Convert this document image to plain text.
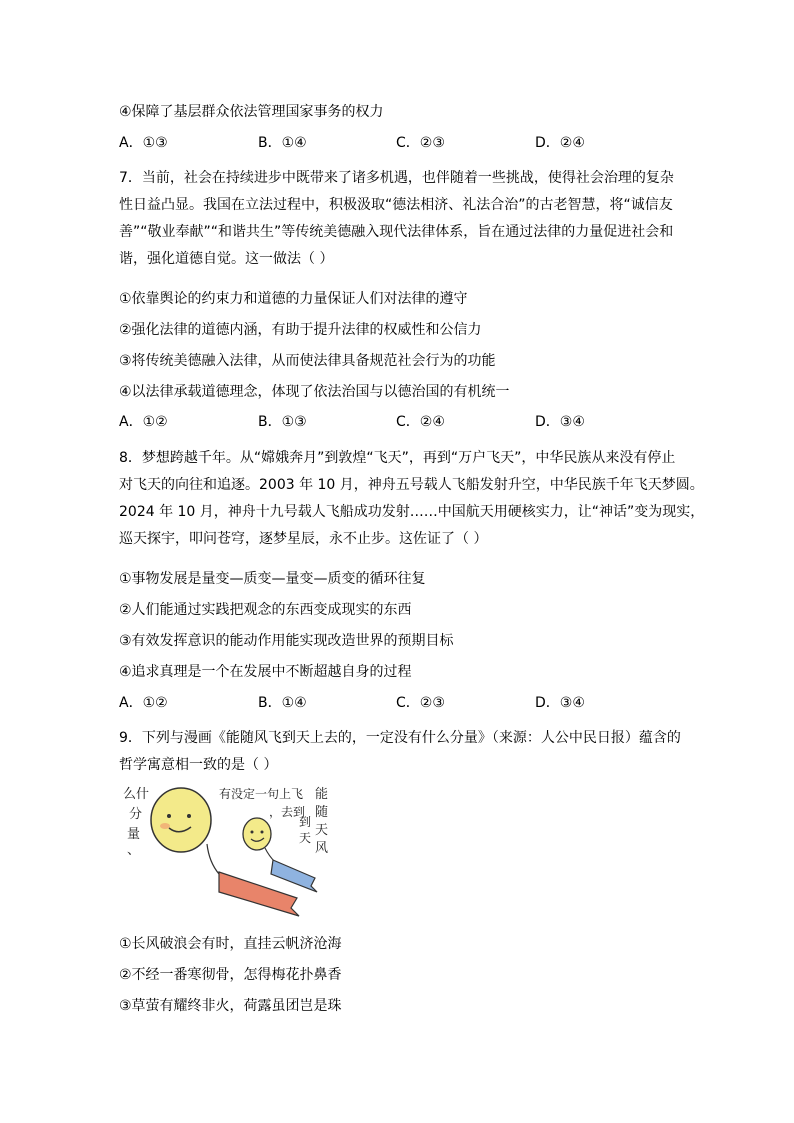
④保障了基层群众依法管理国家事务的权力
A．①③	B．①④	C．②③	D．②④
7．当前，社会在持续进步中既带来了诸多机遇，也伴随着一些挑战，使得社会治理的复杂
性日益凸显。我国在立法过程中，积极汲取“德法相济、礼法合治”的古老智慧，将“诚信友
善”“敬业奉献”“和谐共生”等传统美德融入现代法律体系，旨在通过法律的力量促进社会和
谐，强化道德自觉。这一做法（ ）
①依靠舆论的约束力和道德的力量保证人们对法律的遵守
②强化法律的道德内涵，有助于提升法律的权威性和公信力
③将传统美德融入法律，从而使法律具备规范社会行为的功能
④以法律承载道德理念，体现了依法治国与以德治国的有机统一
A．①②	B．①③	C．②④	D．③④
8．梦想跨越千年。从“嫦娥奔月”到敦煌“飞天”，再到“万户飞天”，中华民族从来没有停止
对飞天的向往和追逐。2003 年 10 月，神舟五号载人飞船发射升空，中华民族千年飞天梦圆。
2024 年 10 月，神舟十九号载人飞船成功发射……中国航天用硬核实力，让“神话”变为现实，
巡天探宇，叩问苍穹，逐梦星辰，永不止步。这佐证了（ ）
①事物发展是量变—质变—量变—质变的循环往复
②人们能通过实践把观念的东西变成现实的东西
③有效发挥意识的能动作用能实现改造世界的预期目标
④追求真理是一个在发展中不断超越自身的过程
A．①②	B．①④	C．②③	D．③④
9．下列与漫画《能随风飞到天上去的，一定没有什么分量》（来源：人公中民日报）蕴含的
哲学寓意相一致的是（ ）
么什
分
量
、
有没定一句上飞
，去到
能
随
天
风
到
天
①长风破浪会有时，直挂云帆济沧海
②不经一番寒彻骨，怎得梅花扑鼻香
③草萤有耀终非火，荷露虽团岂是珠
